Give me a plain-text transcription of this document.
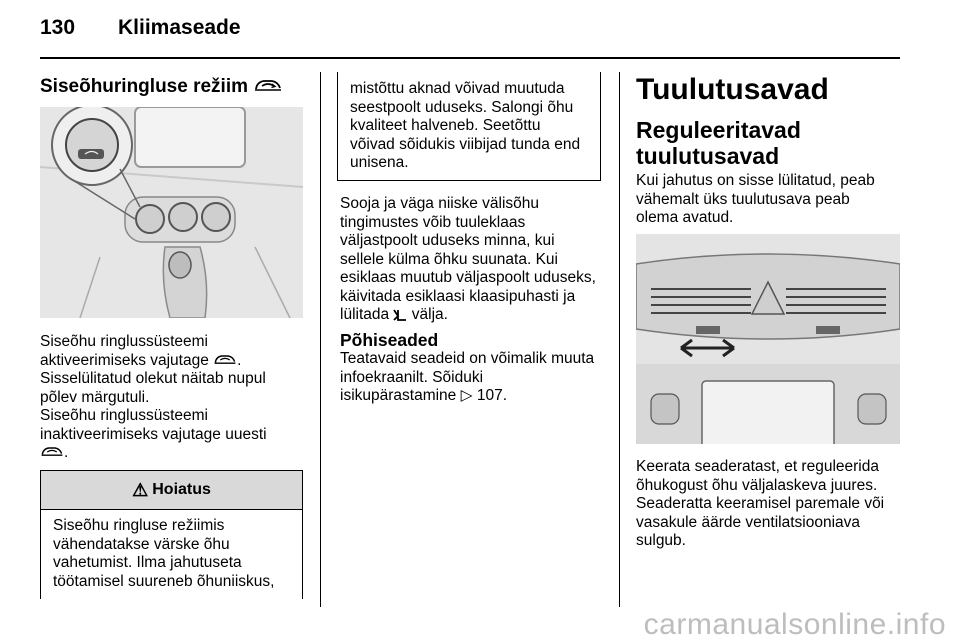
130 Kliimaseade
Siseõhuringluse režiim

Siseõhu ringlussüsteemi

aktiveerimiseks vajutage .

Sisselülitatud olekut näitab nupul

põlev märgutuli.

Siseõhu ringlussüsteemi

inaktiveerimiseks vajutage uuesti

.

⚠ Hoiatus

Siseõhu ringluse režiimis

vähendatakse värske õhu

vahetumist. Ilma jahutuseta

töötamisel suureneb õhuniiskus,

mistõttu aknad võivad muutuda

seestpoolt uduseks. Salongi õhu

kvaliteet halveneb. Seetõttu

võivad sõidukis viibijad tunda end

unisena.

Sooja ja väga niiske välisõhu

tingimustes võib tuuleklaas

väljastpoolt uduseks minna, kui

sellele külma õhku suunata. Kui

esiklaas muutub väljaspoolt uduseks,

käivitada esiklaasi klaasipuhasti ja

lülitada välja.

Põhiseaded

Teatavaid seadeid on võimalik muuta

infoekraanilt. Sõiduki

isikupärastamine ▷ 107.

Tuulutusavad
Reguleeritavad
tuulutusavad

Kui jahutus on sisse lülitatud, peab

vähemalt üks tuulutusava peab

olema avatud.

Keerata seaderatast, et reguleerida

õhukogust õhu väljalaskeva juures.

Seaderatta keeramisel paremale või

vasakule äärde ventilatsiooniava

sulgub.

carmanualsonline.info
